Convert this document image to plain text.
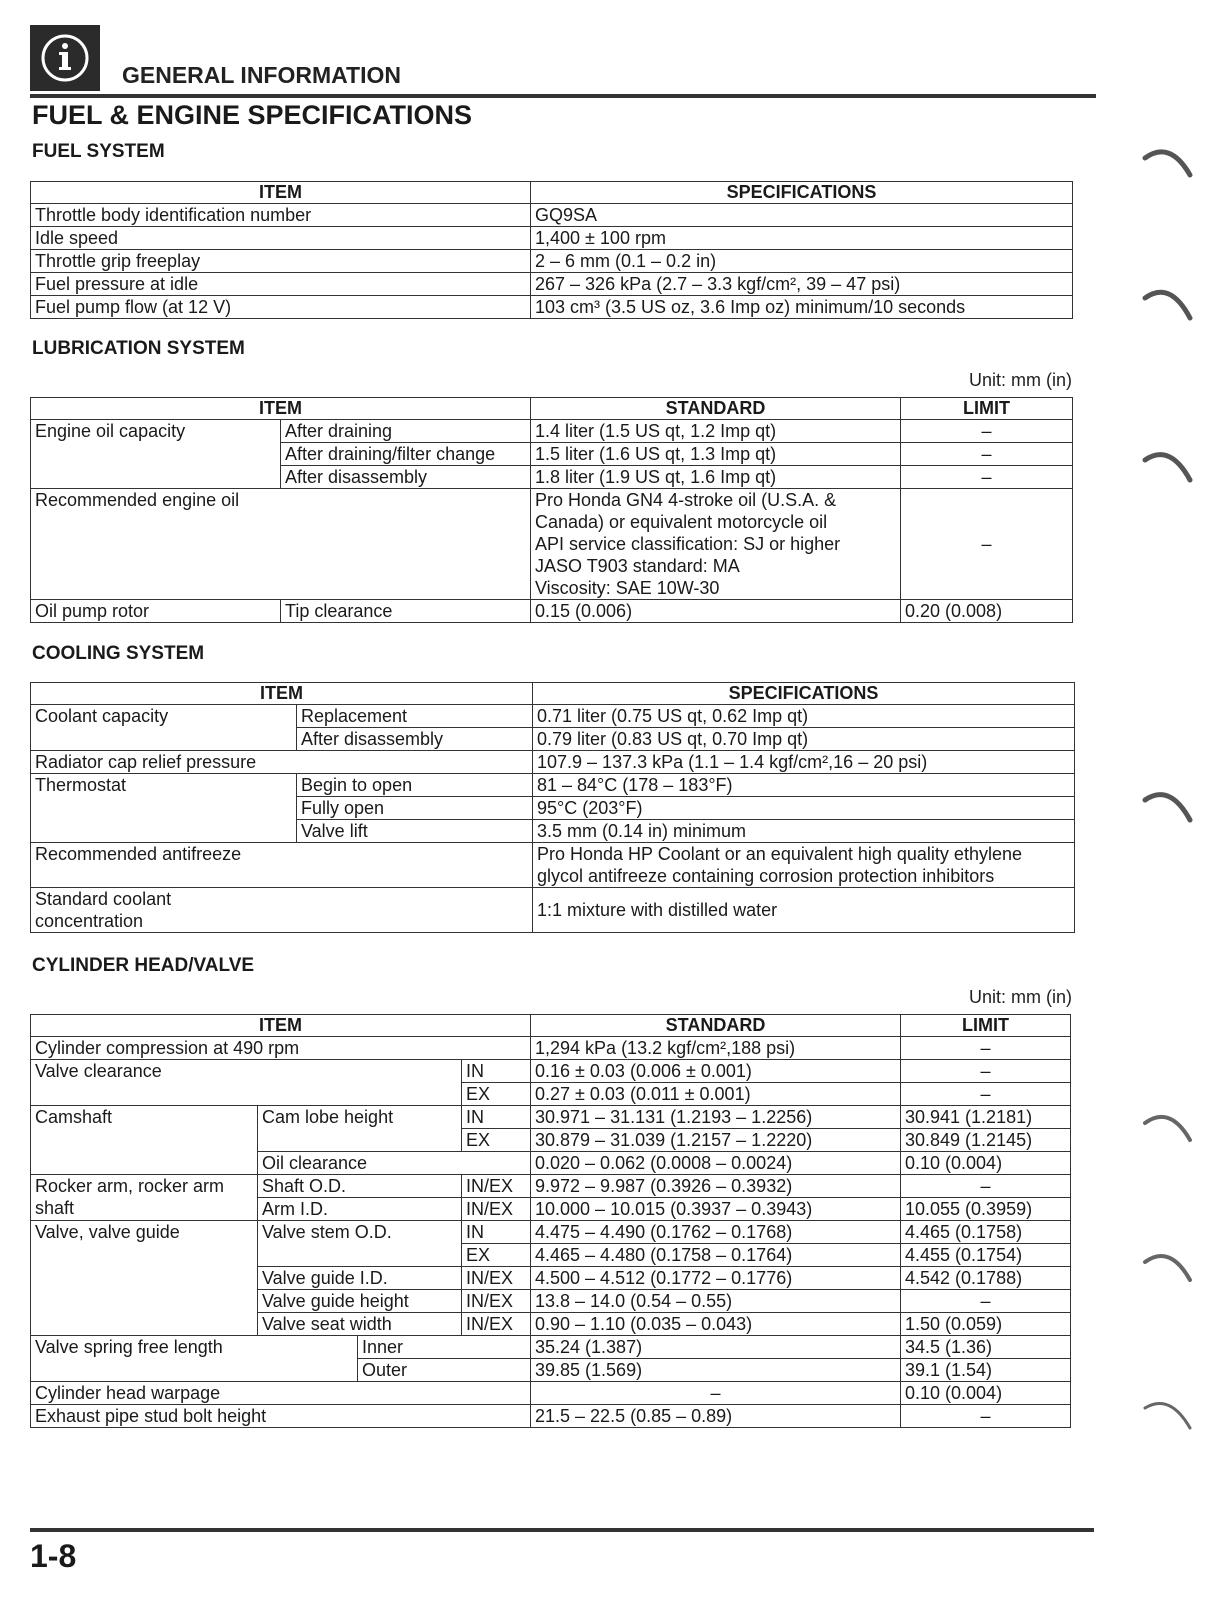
GENERAL INFORMATION
FUEL & ENGINE SPECIFICATIONS
FUEL SYSTEM
ITEM	SPECIFICATIONS
Throttle body identification number	GQ9SA
Idle speed	1,400 ± 100 rpm
Throttle grip freeplay	2 – 6 mm (0.1 – 0.2 in)
Fuel pressure at idle	267 – 326 kPa (2.7 – 3.3 kgf/cm², 39 – 47 psi)
Fuel pump flow (at 12 V)	103 cm³ (3.5 US oz, 3.6 Imp oz) minimum/10 seconds
LUBRICATION SYSTEM
Unit: mm (in)
ITEM		STANDARD	LIMIT
Engine oil capacity	After draining	1.4 liter (1.5 US qt, 1.2 Imp qt)	–
	After draining/filter change	1.5 liter (1.6 US qt, 1.3 Imp qt)	–
	After disassembly	1.8 liter (1.9 US qt, 1.6 Imp qt)	–
Recommended engine oil		Pro Honda GN4 4-stroke oil (U.S.A. &
Canada) or equivalent motorcycle oil
API service classification: SJ or higher
JASO T903 standard: MA
Viscosity: SAE 10W-30	–
Oil pump rotor	Tip clearance	0.15 (0.006)	0.20 (0.008)
COOLING SYSTEM
ITEM		SPECIFICATIONS
Coolant capacity	Replacement	0.71 liter (0.75 US qt, 0.62 Imp qt)
	After disassembly	0.79 liter (0.83 US qt, 0.70 Imp qt)
Radiator cap relief pressure		107.9 – 137.3 kPa (1.1 – 1.4 kgf/cm²,16 – 20 psi)
Thermostat	Begin to open	81 – 84°C (178 – 183°F)
	Fully open	95°C (203°F)
	Valve lift	3.5 mm (0.14 in) minimum
Recommended antifreeze		Pro Honda HP Coolant or an equivalent high quality ethylene
glycol antifreeze containing corrosion protection inhibitors

Standard coolant
concentration		1:1 mixture with distilled water
CYLINDER HEAD/VALVE
Unit: mm (in)
ITEM				STANDARD	LIMIT
Cylinder compression at 490 rpm				1,294 kPa (13.2 kgf/cm²,188 psi)	–
Valve clearance			IN	0.16 ± 0.03 (0.006 ± 0.001)	–
			EX	0.27 ± 0.03 (0.011 ± 0.001)	–
Camshaft	Cam lobe height		IN	30.971 – 31.131 (1.2193 – 1.2256)	30.941 (1.2181)
			EX	30.879 – 31.039 (1.2157 – 1.2220)	30.849 (1.2145)
	Oil clearance			0.020 – 0.062 (0.0008 – 0.0024)	0.10 (0.004)

Rocker arm, rocker arm
shaft	Shaft O.D.		IN/EX	9.972 – 9.987 (0.3926 – 0.3932)	–
	Arm I.D.		IN/EX	10.000 – 10.015 (0.3937 – 0.3943)	10.055 (0.3959)
Valve, valve guide	Valve stem O.D.		IN	4.475 – 4.490 (0.1762 – 0.1768)	4.465 (0.1758)
			EX	4.465 – 4.480 (0.1758 – 0.1764)	4.455 (0.1754)
	Valve guide I.D.		IN/EX	4.500 – 4.512 (0.1772 – 0.1776)	4.542 (0.1788)
	Valve guide height		IN/EX	13.8 – 14.0 (0.54 – 0.55)	–
	Valve seat width		IN/EX	0.90 – 1.10 (0.035 – 0.043)	1.50 (0.059)
Valve spring free length		Inner		35.24 (1.387)	34.5 (1.36)
		Outer		39.85 (1.569)	39.1 (1.54)
Cylinder head warpage				–	0.10 (0.004)
Exhaust pipe stud bolt height				21.5 – 22.5 (0.85 – 0.89)	–
1-8
